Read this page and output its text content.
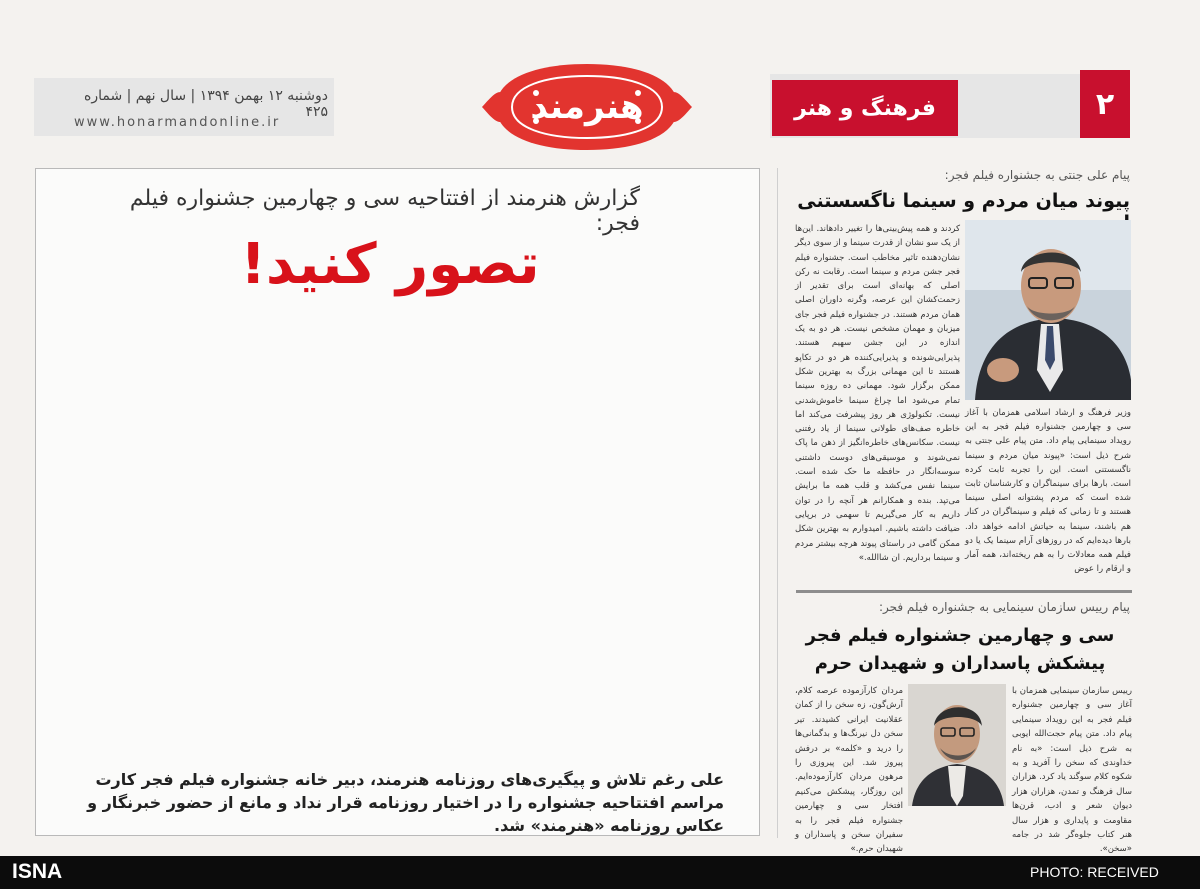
۲
فرهنگ و هنر
دوشنبه ۱۲ بهمن ۱۳۹۴ | سال نهم | شماره ۴۲۵
www.honarmandonline.ir	هنرمند
گزارش هنرمند از افتتاحیه سی و چهارمین جشنواره فیلم فجر:
تصور کنید!
علی رغم تلاش و پیگیری‌های روزنامه هنرمند، دبیر خانه جشنواره فیلم فجر کارت مراسم افتتاحیه جشنواره را در اختیار روزنامه قرار نداد و مانع از حضور خبرنگار و عکاس روزنامه «هنرمند» شد.
پیام علی جنتی به جشنواره فیلم فجر:
پیوند میان مردم و سینما ناگسستنی
کردند و همه پیش‌بینی‌ها را تغییر دادهاند. این‌ها از یک سو نشان از قدرت سینما و از سوی دیگر نشان‌دهنده تاثیر مخاطب است. جشنواره فیلم فجر جشن مردم و سینما است. رقابت نه رکن اصلی که بهانه‌ای است برای تقدیر از زحمت‌کشان این عرصه، وگرنه داوران اصلی همان مردم هستند. در جشنواره فیلم فجر جای میزبان و مهمان مشخص نیست. هر دو به یک اندازه در این جشن سهیم هستند. پذیرایی‌شونده و پذیرایی‌کننده هر دو در تکاپو هستند تا این مهمانی بزرگ به بهترین شکل ممکن برگزار شود. مهمانی ده روزه سینما تمام می‌شود اما چراغ سینما خاموش‌شدنی نیست. تکنولوژی هر روز پیشرفت می‌کند اما خاطره صف‌های طولانی سینما از یاد رفتنی نیست. سکانس‌های خاطره‌انگیز از ذهن ما پاک نمی‌شوند و موسیقی‌های دوست داشتنی سوسه‌انگار در حافظه ما حک شده است. سینما نفس می‌کشد و قلب همه ما برایش می‌تپد. بنده و همکارانم هر آنچه را در توان داریم به کار می‌گیریم تا سهمی در برپایی ضیافت داشته باشیم. امیدوارم به بهترین شکل ممکن گامی در راستای پیوند هرچه بیشتر مردم و سینما برداریم. ان شاالله.»
وزیر فرهنگ و ارشاد اسلامی همزمان با آغاز سی و چهارمین جشنواره فیلم فجر به این رویداد سینمایی پیام داد. متن پیام علی جنتی به شرح ذیل است: «پیوند میان مردم و سینما ناگسستنی است. این را تجربه ثابت کرده است. بارها برای سینماگران و کارشناسان ثابت شده است که مردم پشتوانه اصلی سینما هستند و تا زمانی که فیلم و سینماگران در کنار هم باشند، سینما به حیاتش ادامه خواهد داد. بارها دیده‌ایم که در روزهای آرام سینما یک یا دو فیلم همه معادلات را به هم ریخته‌اند، همه آمار و ارقام را عوض
پیام رییس سازمان سینمایی به جشنواره فیلم فجر:
سی و چهارمین جشنواره فیلم فجر پیشکش پاسداران و شهیدان حرم
رییس سازمان سینمایی همزمان با آغاز سی و چهارمین جشنواره فیلم فجر به این رویداد سینمایی پیام داد. متن پیام حجت‌الله ایوبی به شرح ذیل است: «به نام خداوندی که سخن را آفرید و به شکوه کلام سوگند یاد کرد. هزاران سال فرهنگ و تمدن، هزاران هزار دیوان شعر و ادب، قرن‌ها مقاومت و پایداری و هزار سال هنر کتاب جلوه‌گر شد در جامه «سخن».
مردان کارآزموده عرصه کلام، آرش‌گون، زه سخن را از کمان عقلانیت ایرانی کشیدند. تیر سخن دل نیرنگ‌ها و بدگمانی‌ها را درید و «کلمه» بر درفش پیروز شد. این پیروزی را مرهون مردان کارآزموده‌ایم. این روزگار، پیشکش می‌کنیم افتخار سی و چهارمین جشنواره فیلم فجر را به سفیران سخن و پاسداران و شهیدان حرم.»
ISNA	PHOTO: RECEIVED
